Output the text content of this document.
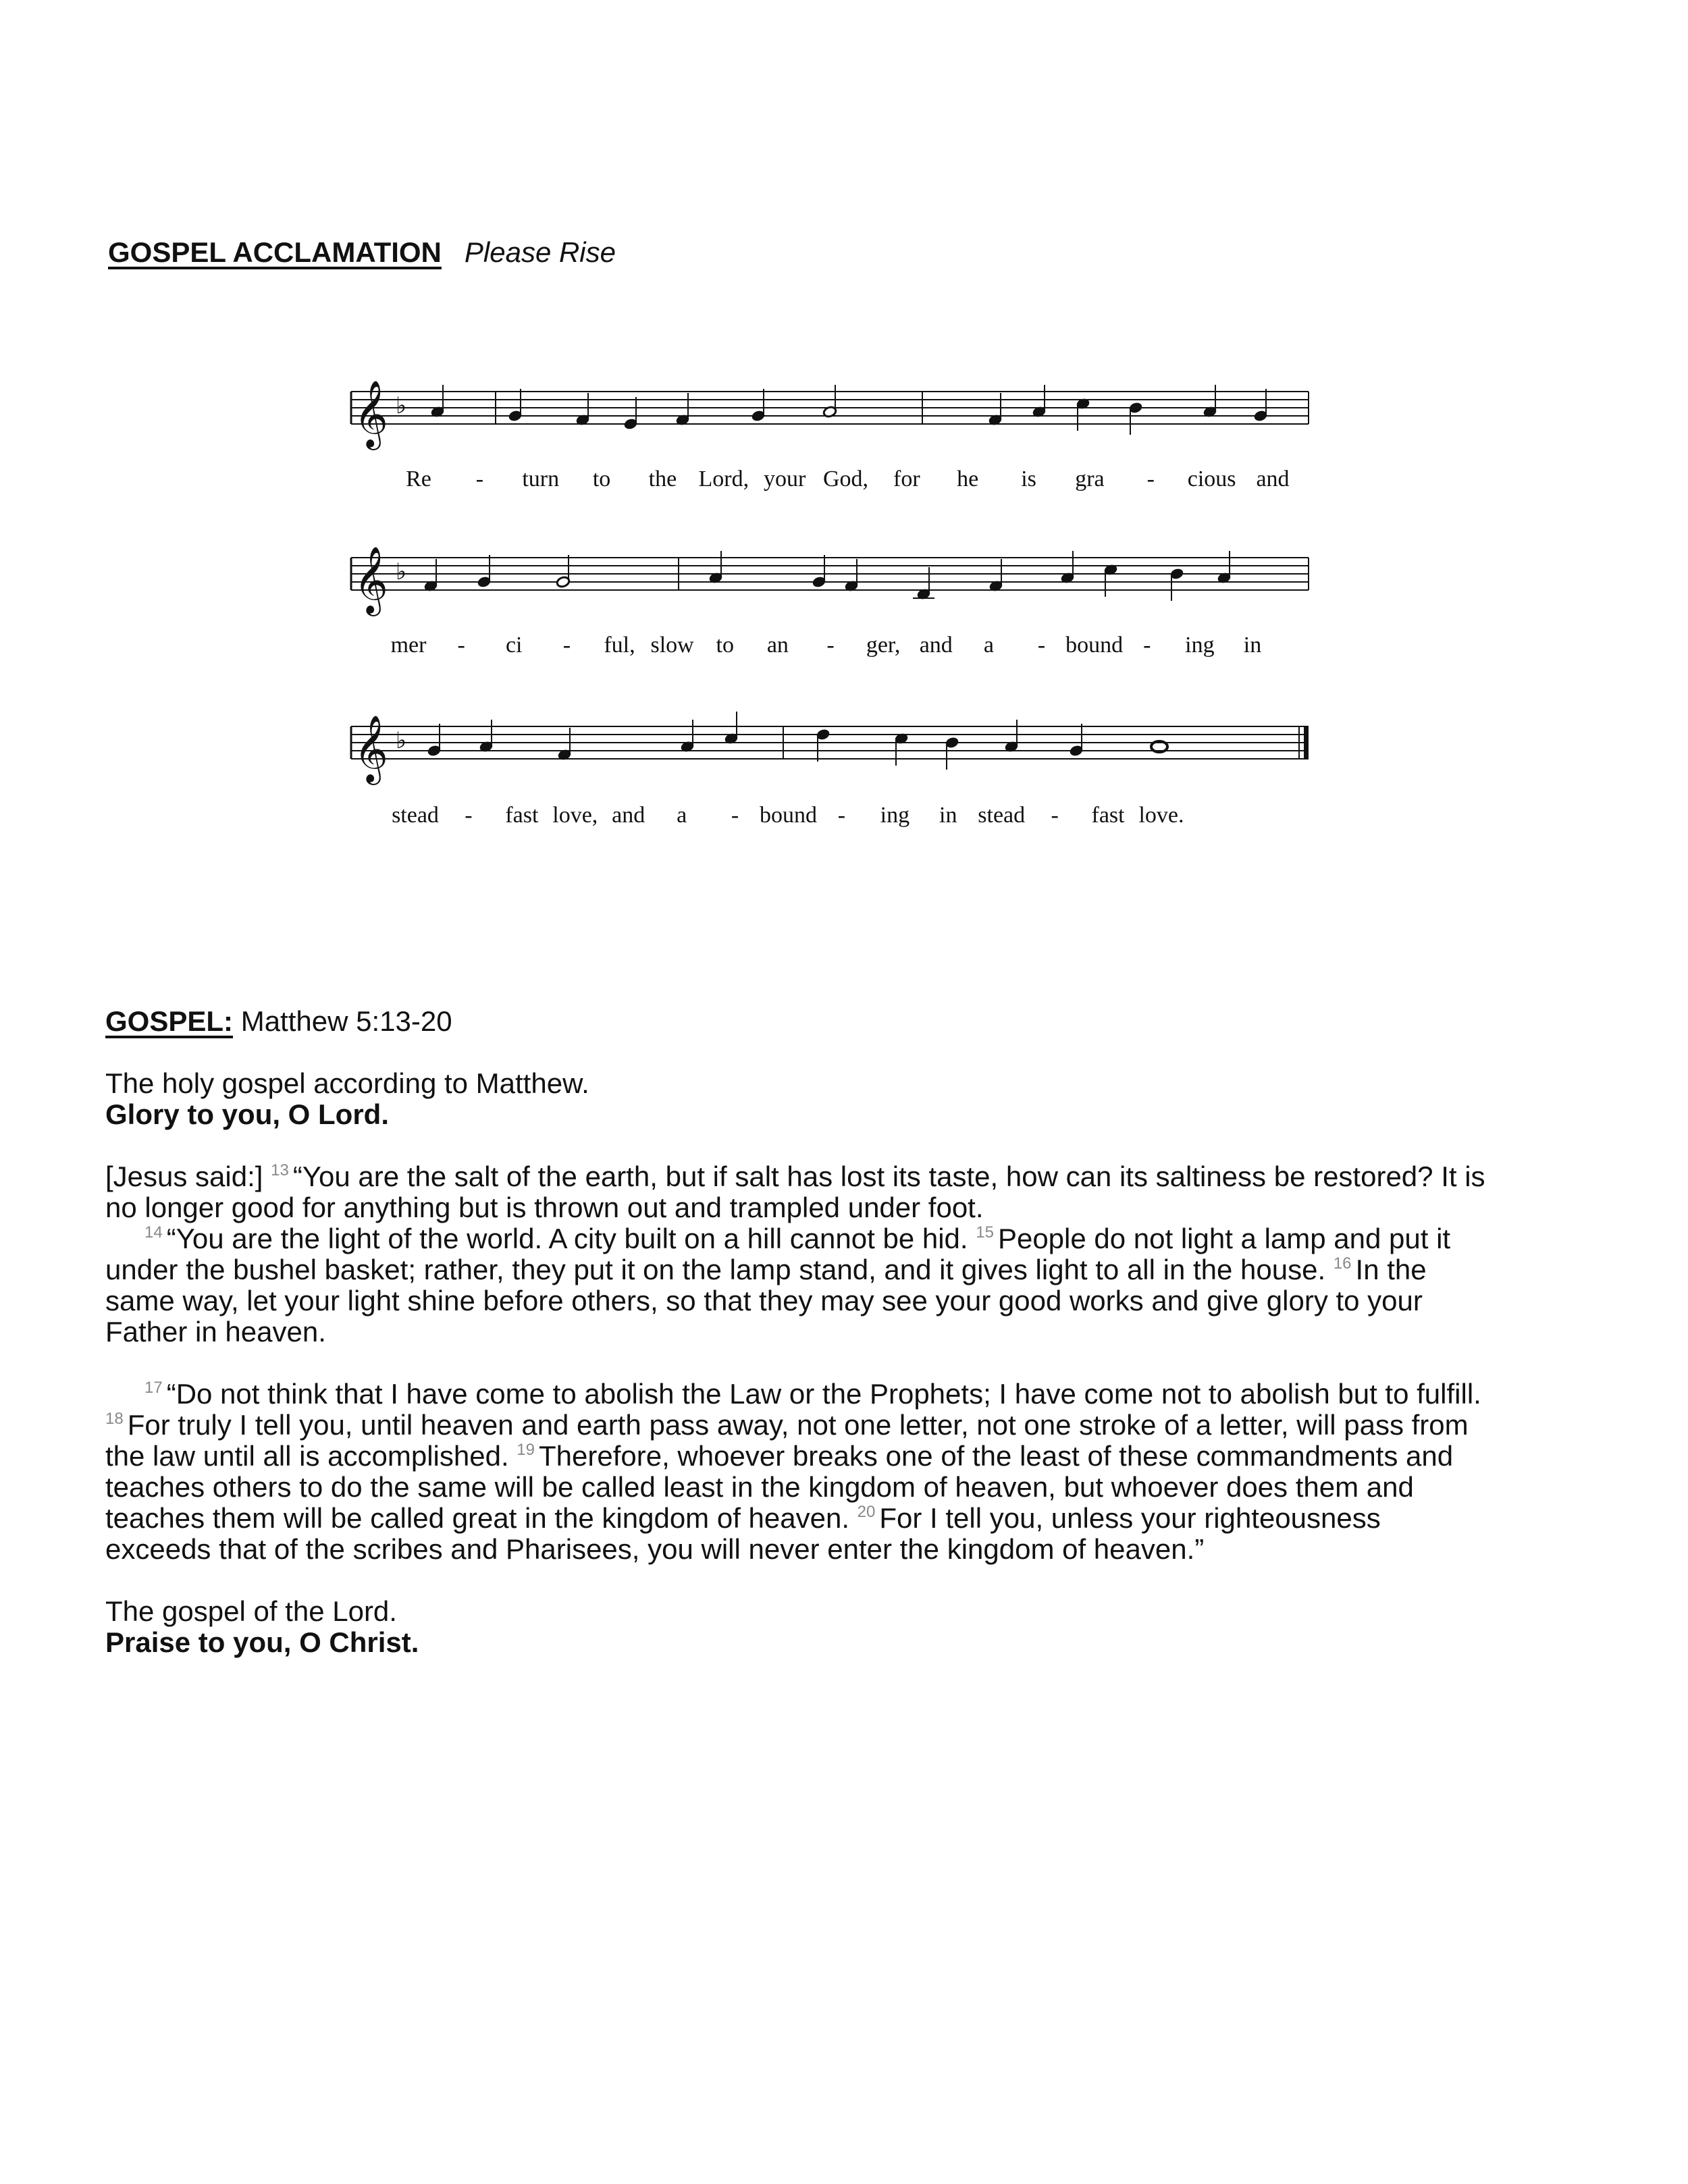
GOSPEL ACCLAMATION Please Rise
𝄞 ♭
Re - turn to the Lord, your God, for he is gra - cious and
𝄞 ♭
mer - ci - ful, slow to an - ger, and a - bound - ing in
𝄞 ♭
stead - fast love, and a - bound - ing in stead - fast love.

GOSPEL: Matthew 5:13-20

The holy gospel according to Matthew.

Glory to you, O Lord.

[Jesus said:] $^{13}$ “You are the salt of the earth, but if salt has lost its taste, how can its saltiness be restored? It is
no longer good for anything but is thrown out and trampled under foot.
$^{14}$ “You are the light of the world. A city built on a hill cannot be hid. $^{15}$ People do not light a lamp and put it
under the bushel basket; rather, they put it on the lamp stand, and it gives light to all in the house. $^{16}$ In the
same way, let your light shine before others, so that they may see your good works and give glory to your
Father in heaven.

$^{17}$ “Do not think that I have come to abolish the Law or the Prophets; I have come not to abolish but to fulfill.
$^{18}$ For truly I tell you, until heaven and earth pass away, not one letter, not one stroke of a letter, will pass from
the law until all is accomplished. $^{19}$ Therefore, whoever breaks one of the least of these commandments and
teaches others to do the same will be called least in the kingdom of heaven, but whoever does them and
teaches them will be called great in the kingdom of heaven. $^{20}$ For I tell you, unless your righteousness
exceeds that of the scribes and Pharisees, you will never enter the kingdom of heaven.”

The gospel of the Lord.

Praise to you, O Christ.
